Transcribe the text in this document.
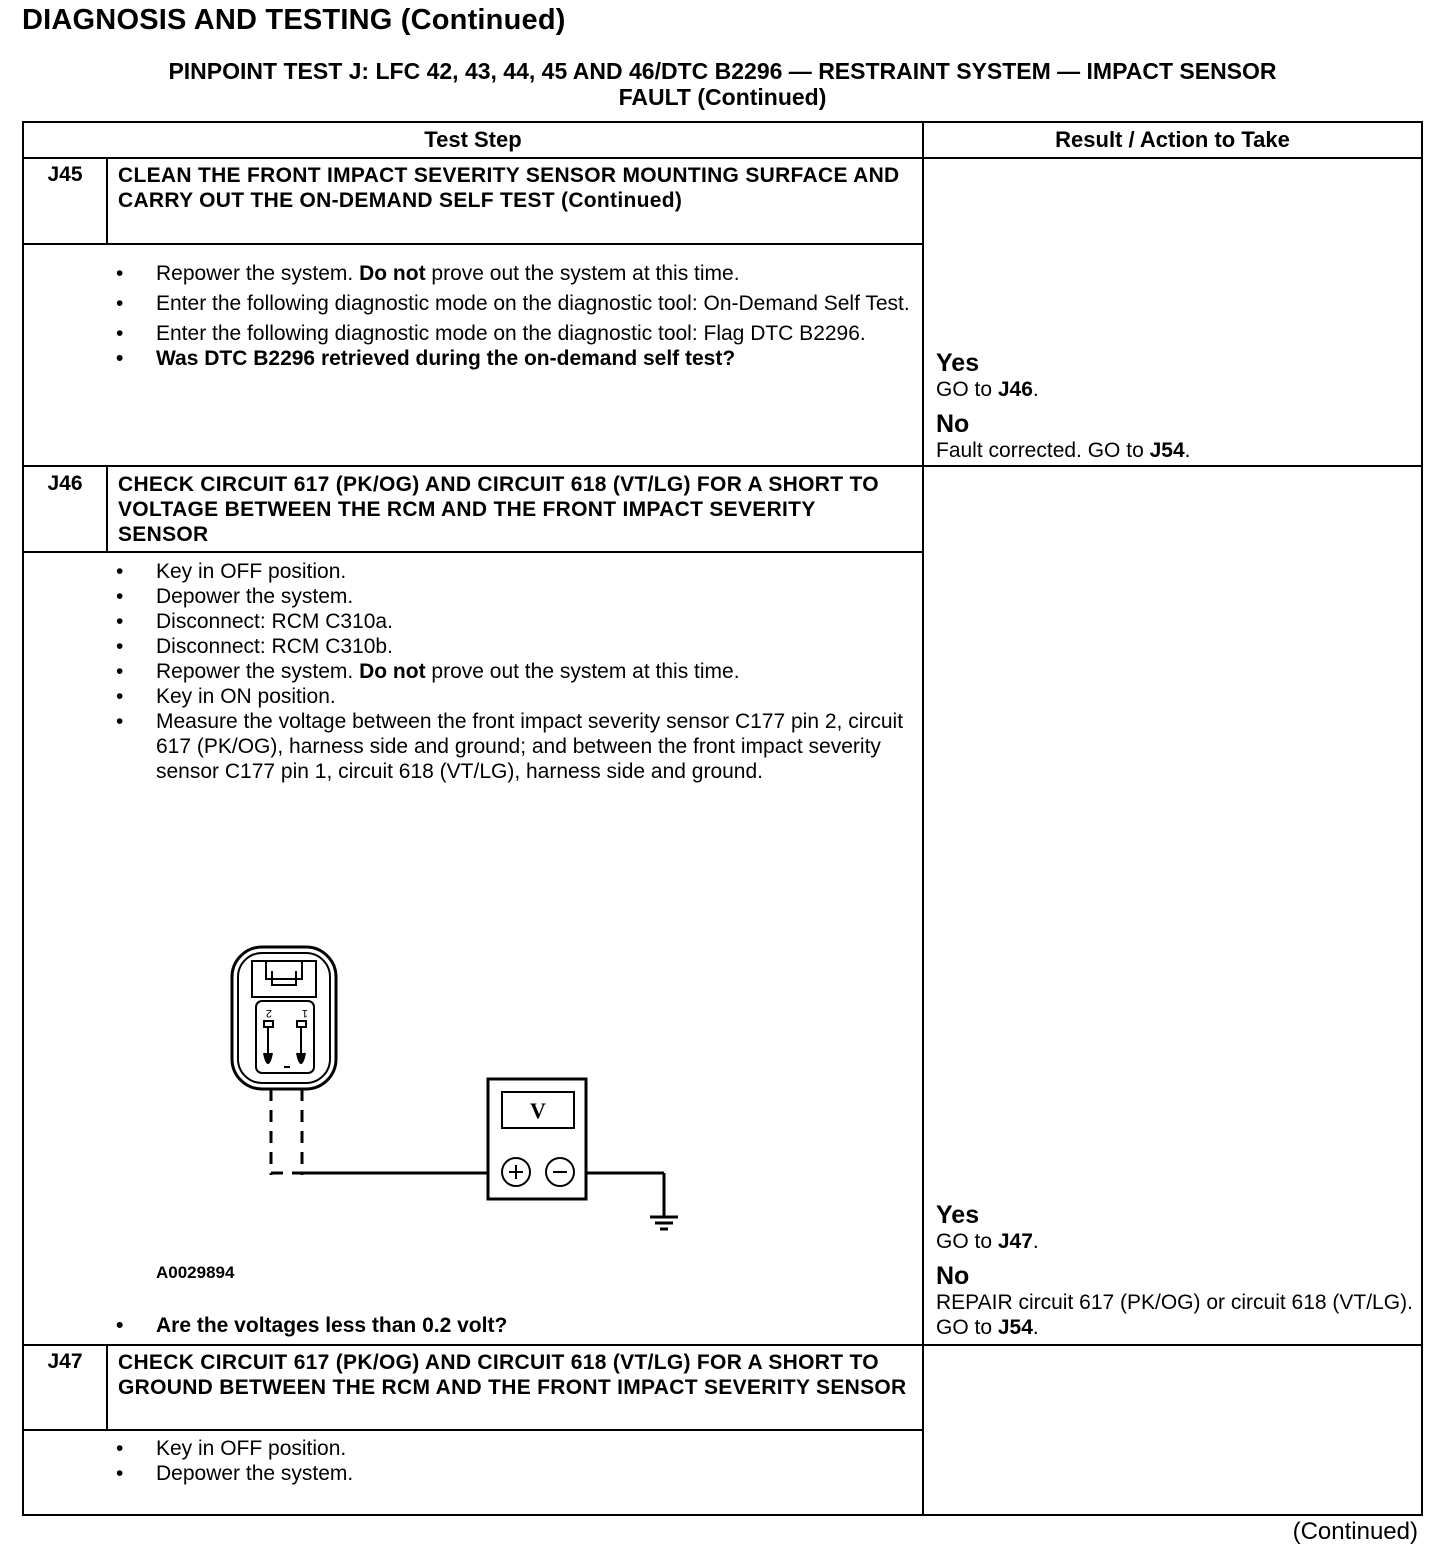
DIAGNOSIS AND TESTING (Continued)
PINPOINT TEST J: LFC 42, 43, 44, 45 AND 46/DTC B2296 — RESTRAINT SYSTEM — IMPACT SENSOR
FAULT (Continued)
Test Step	Result / Action to Take
J45	CLEAN THE FRONT IMPACT SEVERITY SENSOR MOUNTING SURFACE AND CARRY OUT THE ON-DEMAND SELF TEST (Continued)
• Repower the system. Do not prove out the system at this time.
• Enter the following diagnostic mode on the diagnostic tool: On-Demand Self Test.
• Enter the following diagnostic mode on the diagnostic tool: Flag DTC B2296.
• Was DTC B2296 retrieved during the on-demand self test?	Yes
GO to J46.
No
Fault corrected. GO to J54.
J46	CHECK CIRCUIT 617 (PK/OG) AND CIRCUIT 618 (VT/LG) FOR A SHORT TO VOLTAGE BETWEEN THE RCM AND THE FRONT IMPACT SEVERITY SENSOR
• Key in OFF position.
• Depower the system.
• Disconnect: RCM C310a.
• Disconnect: RCM C310b.
• Repower the system. Do not prove out the system at this time.
• Key in ON position.
• Measure the voltage between the front impact severity sensor C177 pin 2, circuit 617 (PK/OG), harness side and ground; and between the front impact severity sensor C177 pin 1, circuit 618 (VT/LG), harness side and ground.
2	1
V
A0029894
• Are the voltages less than 0.2 volt?
Yes
GO to J47.
No
REPAIR circuit 617 (PK/OG) or circuit 618 (VT/LG). GO to J54.
J47	CHECK CIRCUIT 617 (PK/OG) AND CIRCUIT 618 (VT/LG) FOR A SHORT TO GROUND BETWEEN THE RCM AND THE FRONT IMPACT SEVERITY SENSOR
• Key in OFF position.
• Depower the system.
(Continued)
